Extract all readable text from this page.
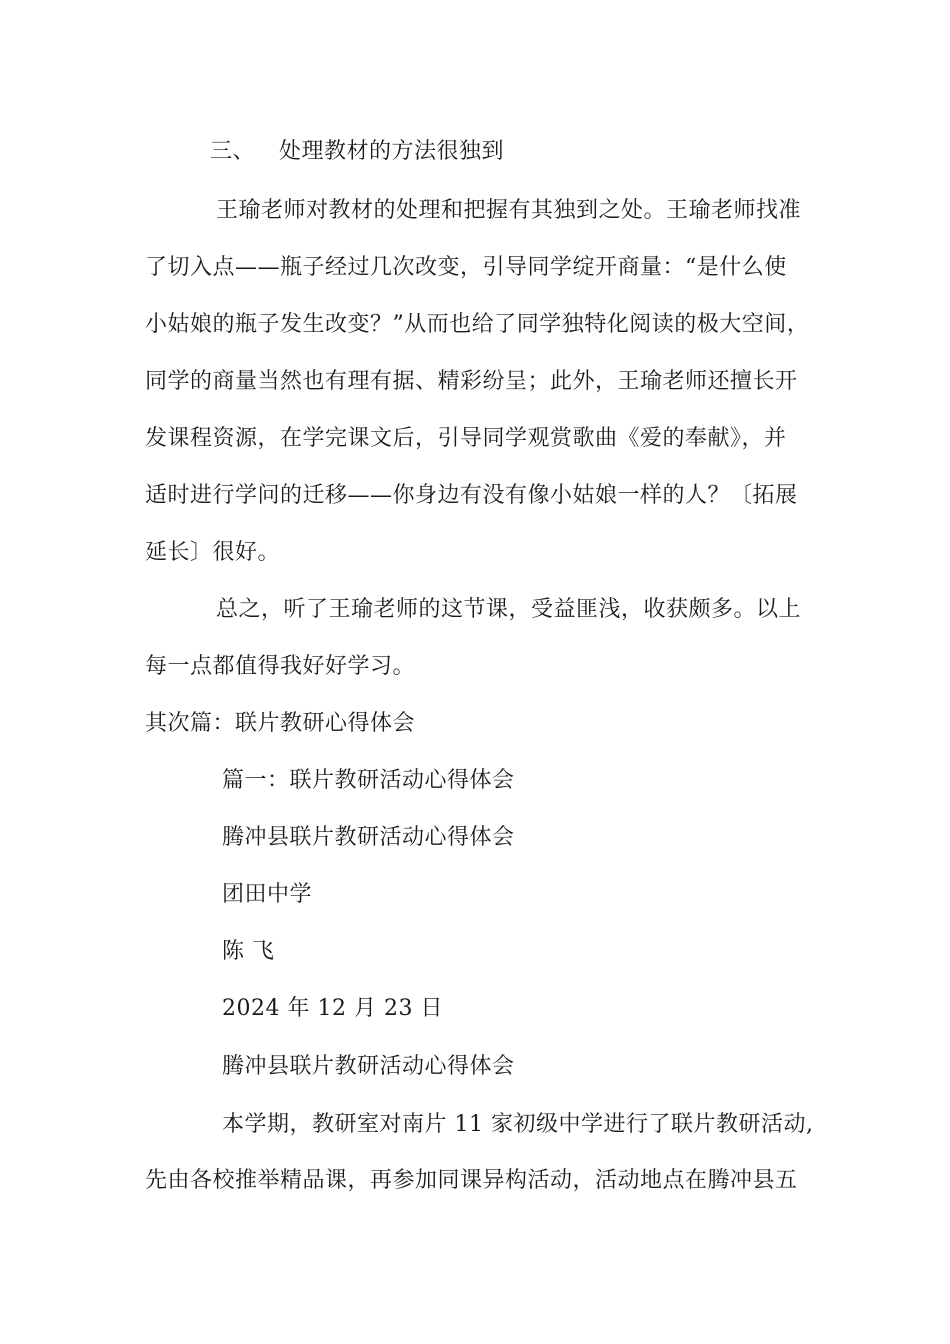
三、 处理教材的方法很独到
王瑜老师对教材的处理和把握有其独到之处。王瑜老师找准
了切入点——瓶子经过几次改变，引导同学绽开商量：“是什么使
小姑娘的瓶子发生改变？”从而也给了同学独特化阅读的极大空间，
同学的商量当然也有理有据、精彩纷呈；此外，王瑜老师还擅长开
发课程资源，在学完课文后，引导同学观赏歌曲《爱的奉献》，并
适时进行学问的迁移——你身边有没有像小姑娘一样的人？〔拓展
延长〕很好。
总之，听了王瑜老师的这节课，受益匪浅，收获颇多。以上
每一点都值得我好好学习。
其次篇：联片教研心得体会
篇一：联片教研活动心得体会
腾冲县联片教研活动心得体会
团田中学
陈 飞
2024 年 12 月 23 日
腾冲县联片教研活动心得体会
本学期，教研室对南片 11 家初级中学进行了联片教研活动,
先由各校推举精品课，再参加同课异构活动，活动地点在腾冲县五
